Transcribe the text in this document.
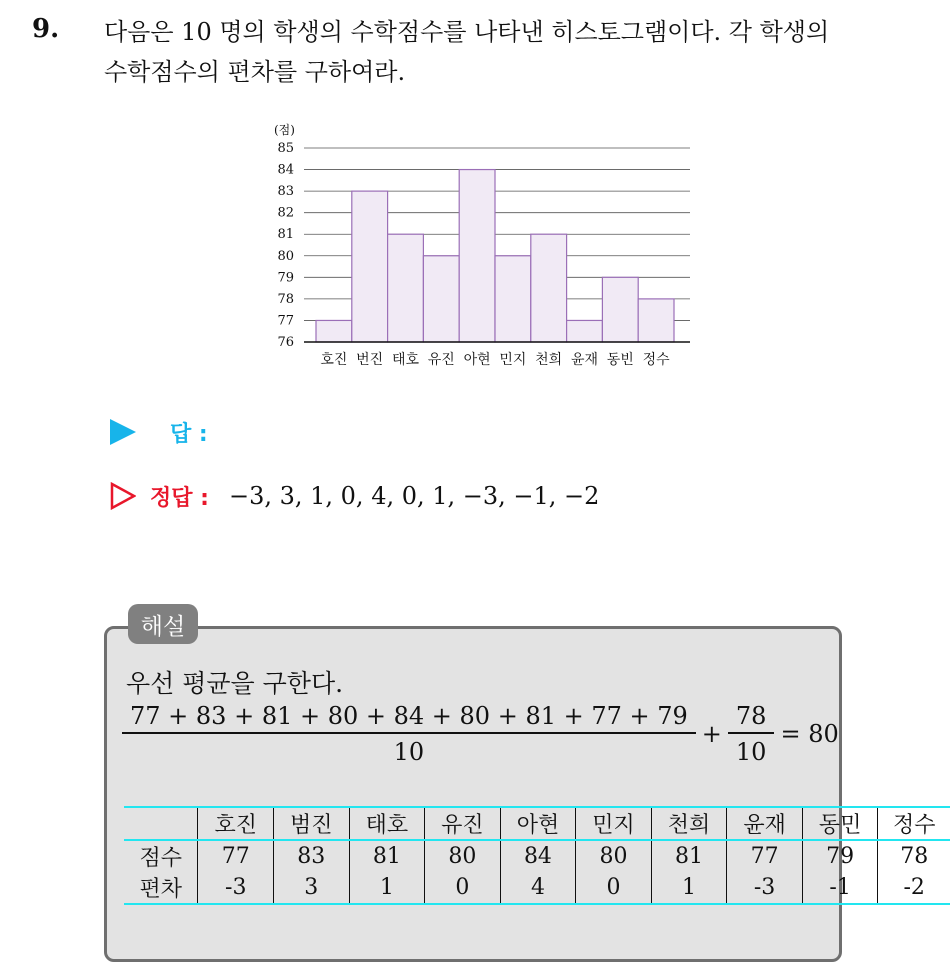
9. 다음은 10 명의 학생의 수학점수를 나타낸 히스토그램이다. 각 학생의
수학점수의 편차를 구하여라.
(점)
76
77
78
79
80
81
82
83
84
85
호진 번진 태호 유진 아현 민지 천희 윤재 동빈 정수
답 :
정답 : −3, 3, 1, 0, 4, 0, 1, −3, −1, −2
해설
우선 평균을 구한다.
$\frac{77 + 83 + 81 + 80 + 84 + 80 + 81 + 77 + 79}{10} + \frac{78}{10} = 80$
	호진	범진	태호	유진	아현	민지	천희	윤재	동민	정수
점수	77	83	81	80	84	80	81	77	79	78
편차	-3	3	1	0	4	0	1	-3	-1	-2
